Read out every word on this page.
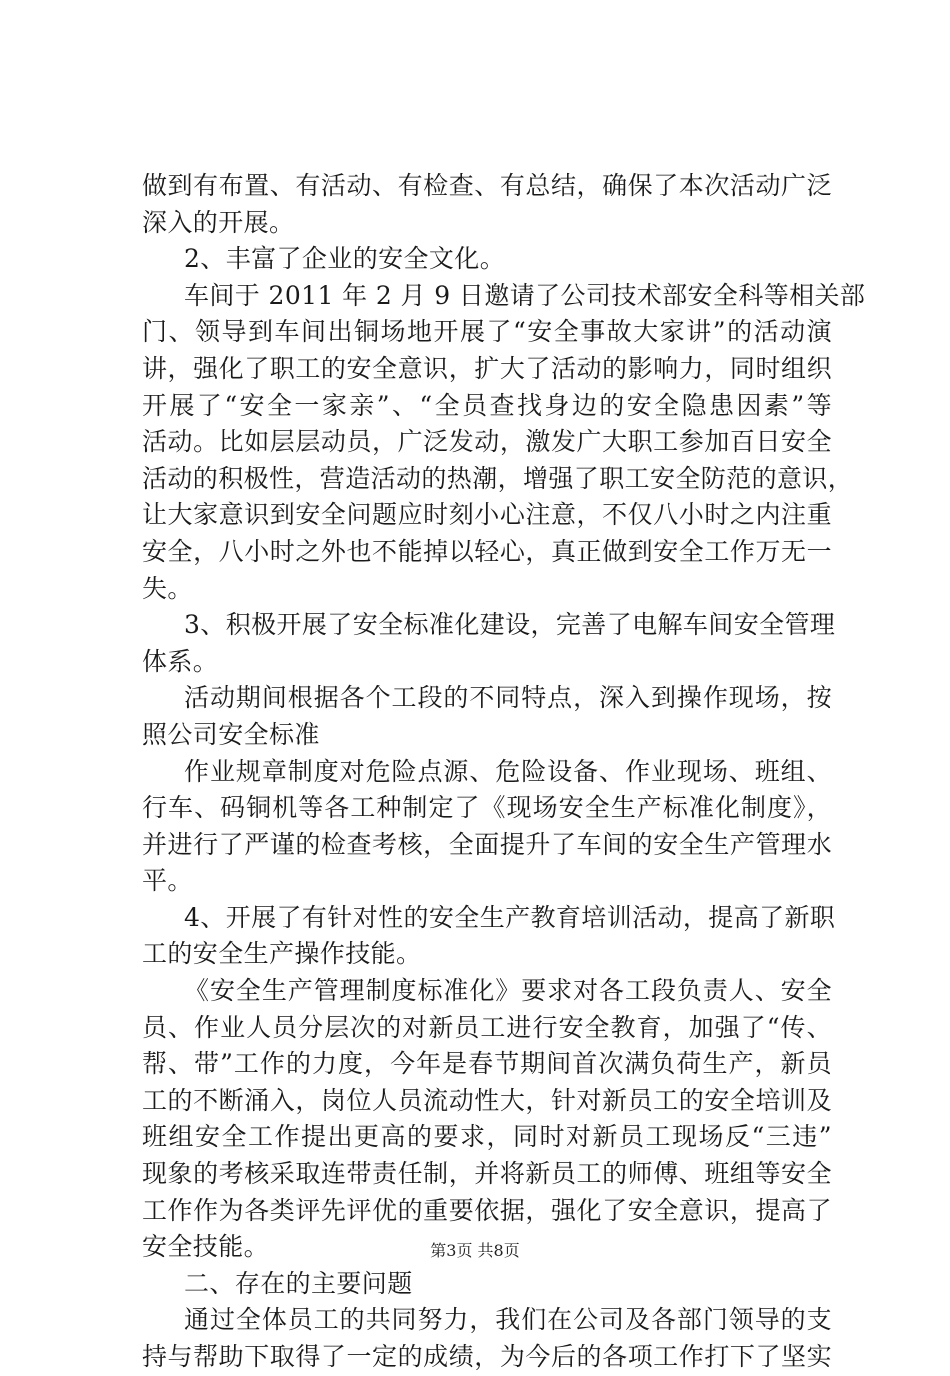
做到有布置、有活动、有检查、有总结，确保了本次活动广泛
深入的开展。
2、丰富了企业的安全文化。
车间于 2011 年 2 月 9 日邀请了公司技术部安全科等相关部
门、领导到车间出铜场地开展了“安全事故大家讲”的活动演
讲，强化了职工的安全意识，扩大了活动的影响力，同时组织
开展了“安全一家亲”、“全员查找身边的安全隐患因素”等
活动。比如层层动员，广泛发动，激发广大职工参加百日安全
活动的积极性，营造活动的热潮，增强了职工安全防范的意识，
让大家意识到安全问题应时刻小心注意，不仅八小时之内注重
安全，八小时之外也不能掉以轻心，真正做到安全工作万无一
失。
3、积极开展了安全标准化建设，完善了电解车间安全管理
体系。
活动期间根据各个工段的不同特点，深入到操作现场，按
照公司安全标准
作业规章制度对危险点源、危险设备、作业现场、班组、
行车、码铜机等各工种制定了《现场安全生产标准化制度》，
并进行了严谨的检查考核，全面提升了车间的安全生产管理水
平。
4、开展了有针对性的安全生产教育培训活动，提高了新职
工的安全生产操作技能。
《安全生产管理制度标准化》要求对各工段负责人、安全
员、作业人员分层次的对新员工进行安全教育，加强了“传、
帮、带”工作的力度，今年是春节期间首次满负荷生产，新员
工的不断涌入，岗位人员流动性大，针对新员工的安全培训及
班组安全工作提出更高的要求，同时对新员工现场反“三违”
现象的考核采取连带责任制，并将新员工的师傅、班组等安全
工作作为各类评先评优的重要依据，强化了安全意识，提高了
安全技能。
二、存在的主要问题
通过全体员工的共同努力，我们在公司及各部门领导的支
持与帮助下取得了一定的成绩，为今后的各项工作打下了坚实
第3页 共8页
